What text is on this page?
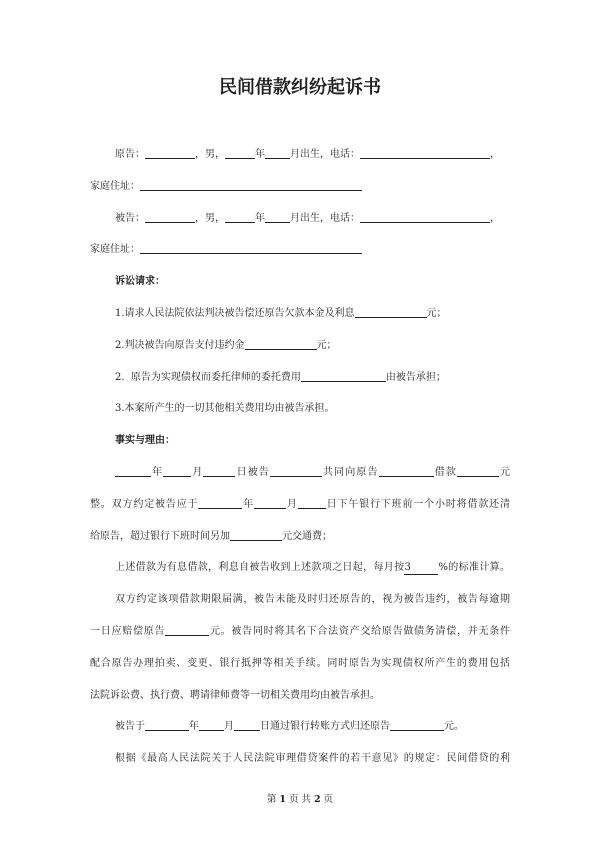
民间借款纠纷起诉书
原告：	，男，	年	月出生，电话：	，
家庭住址：
被告：	，男，	年	月出生，电话：	，
家庭住址：
诉讼请求：
1.请求人民法院依法判决被告偿还原告欠款本金及利息	元；
2.判决被告向原告支付违约金	元；
2.  原告为实现债权而委托律师的委托费用	由被告承担；
3.本案所产生的一切其他相关费用均由被告承担。
事实与理由：
年	月	日被告	共同向原告	借款	元
整。双方约定被告应于	年	月	日下午银行下班前一个小时将借款还清
给原告，超过银行下班时间另加	元交通费；
上述借款为有息借款，利息自被告收到上述款项之日起，每月按3	%的标准计算。
双方约定该项借款期限届满，被告未能及时归还原告的，视为被告违约，被告每逾期
一日应赔偿原告	元。被告同时将其名下合法资产交给原告做债务清偿，并无条件
配合原告办理拍卖、变更、银行抵押等相关手续。同时原告为实现债权所产生的费用包括
法院诉讼费、执行费、聘请律师费等一切相关费用均由被告承担。
被告于	年	月	日通过银行转账方式归还原告	元。
根据《最高人民法院关于人民法院审理借贷案件的若干意见》的规定：民间借贷的利
第 1 页 共 2 页
